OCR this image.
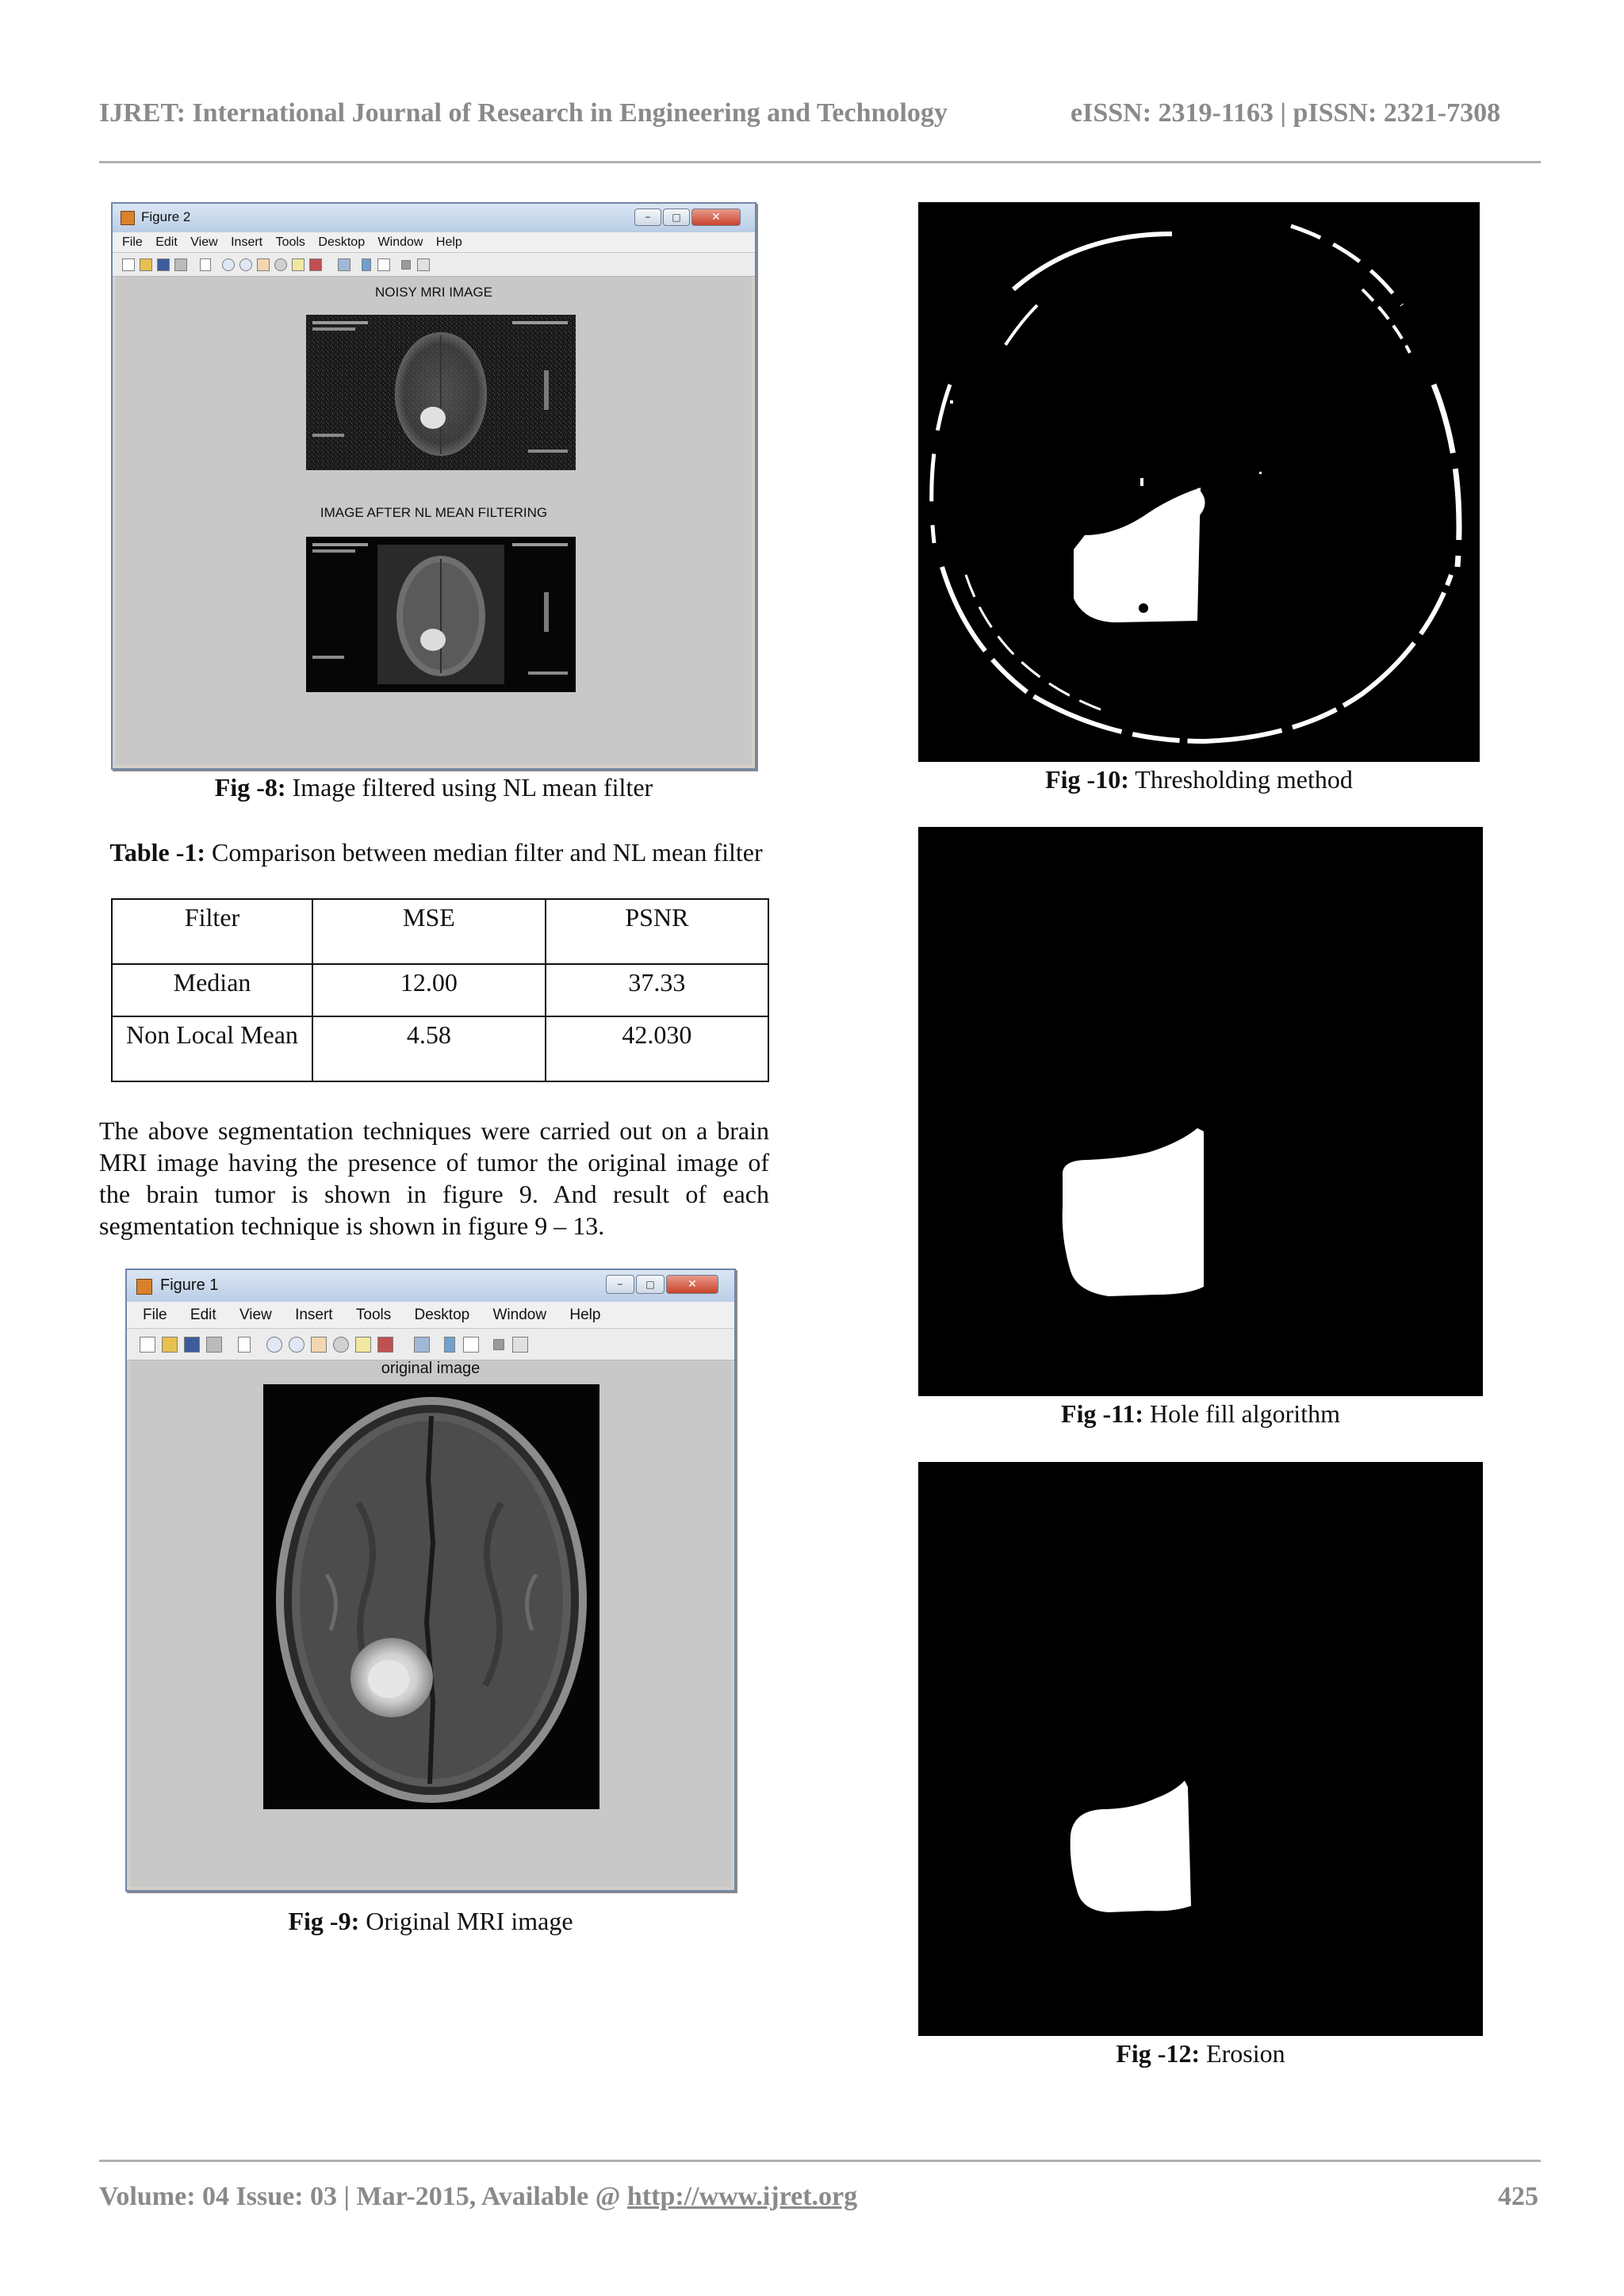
IJRET: International Journal of Research in Engineering and Technology	eISSN: 2319-1163 | pISSN: 2321-7308
Figure 2	–	□	✕
File Edit View Insert Tools Desktop Window Help
NOISY MRI IMAGE
IMAGE AFTER NL MEAN FILTERING
Fig -8: Image filtered using NL mean filter
Table -1: Comparison between median filter and NL mean filter
Filter	MSE	PSNR
Median	12.00	37.33
Non Local Mean	4.58	42.030
The above segmentation techniques were carried out on a brain MRI image having the presence of tumor the original image of the brain tumor is shown in figure 9. And result of each segmentation technique is shown in figure 9 – 13.
Figure 1	–	□	✕
File Edit View Insert Tools Desktop Window Help
original image
Fig -9: Original MRI image
Fig -10: Thresholding method
Fig -11: Hole fill algorithm
Fig -12: Erosion
Volume: 04 Issue: 03 | Mar-2015, Available @ http://www.ijret.org	425
